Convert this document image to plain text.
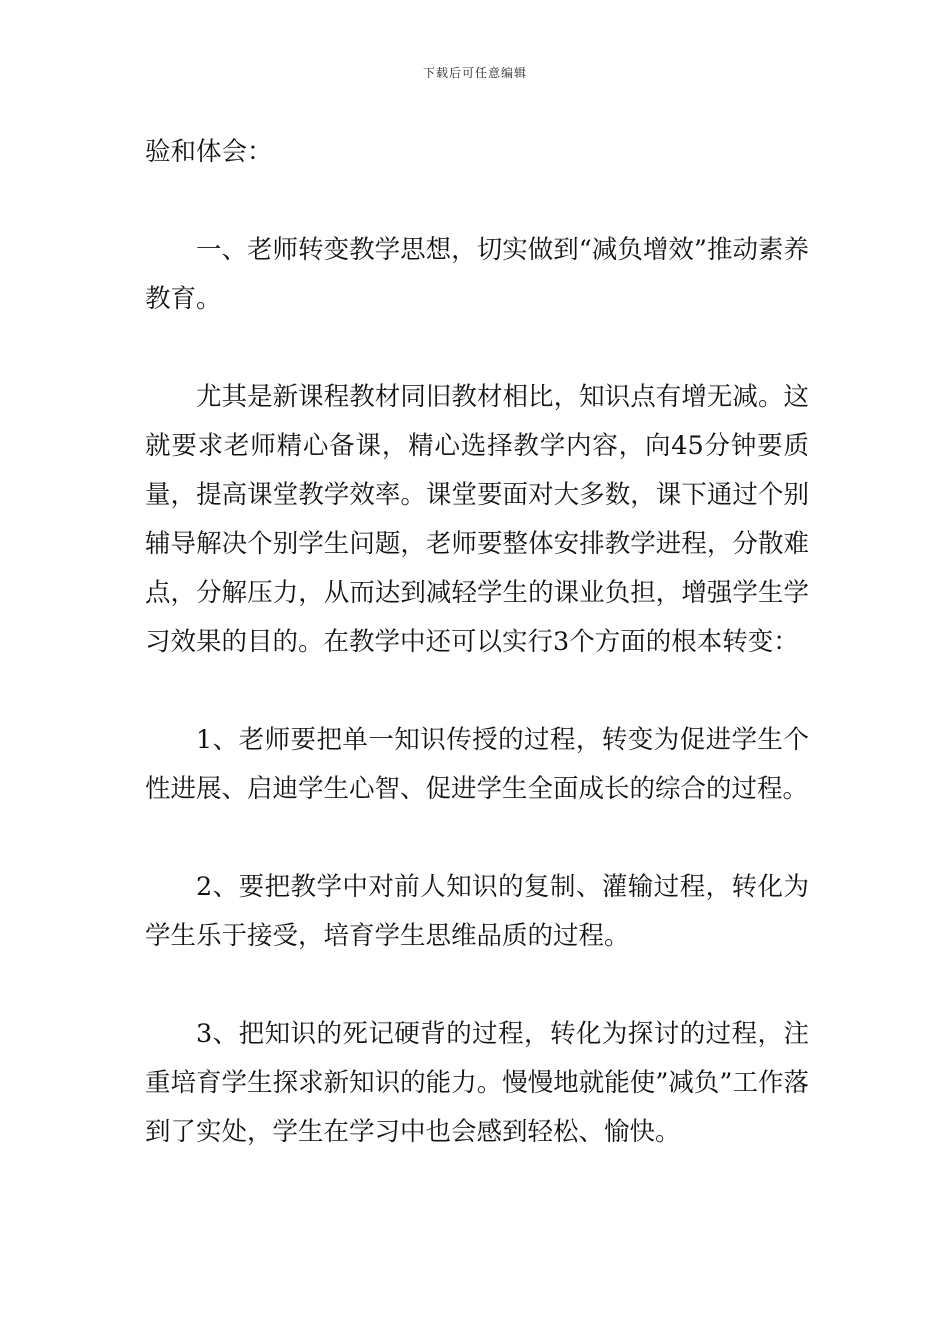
下载后可任意编辑

验和体会：

一、老师转变教学思想，切实做到“减负增效”推动素养教育。

尤其是新课程教材同旧教材相比，知识点有增无减。这就要求老师精心备课，精心选择教学内容，向45分钟要质量，提高课堂教学效率。课堂要面对大多数，课下通过个别辅导解决个别学生问题，老师要整体安排教学进程，分散难点，分解压力，从而达到减轻学生的课业负担，增强学生学习效果的目的。在教学中还可以实行3个方面的根本转变：

1、老师要把单一知识传授的过程，转变为促进学生个性进展、启迪学生心智、促进学生全面成长的综合的过程。

2、要把教学中对前人知识的复制、灌输过程，转化为学生乐于接受，培育学生思维品质的过程。

3、把知识的死记硬背的过程，转化为探讨的过程，注重培育学生探求新知识的能力。慢慢地就能使”减负”工作落到了实处，学生在学习中也会感到轻松、愉快。
